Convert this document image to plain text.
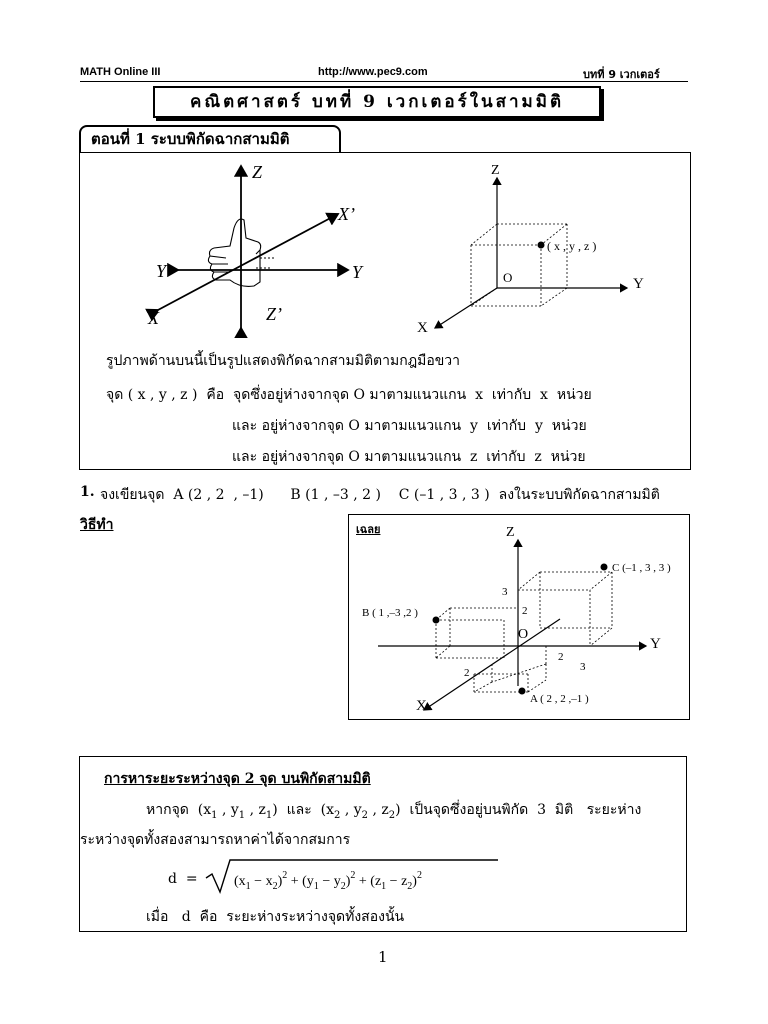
MATH Online III	http://www.pec9.com	บทที่ 9 เวกเตอร์
คณิตศาสตร์ บทที่ 9 เวกเตอร์ในสามมิติ
ตอนที่ 1 ระบบพิกัดฉากสามมิติ
Z
X’
Y’	Y
X	Z’
Z
( x , y , z )
O	Y
X
รูปภาพด้านบนนี้เป็นรูปแสดงพิกัดฉากสามมิติตามกฎมือขวา
จุด ( x , y , z )  คือ  จุดซึ่งอยู่ห่างจากจุด O มาตามแนวแกน  x  เท่ากับ  x  หน่วย
และ อยู่ห่างจากจุด O มาตามแนวแกน  y  เท่ากับ  y  หน่วย
และ อยู่ห่างจากจุด O มาตามแนวแกน  z  เท่ากับ  z  หน่วย
1. จงเขียนจุด  A (2 , 2  , –1)      B (1 , –3 , 2 )    C (–1 , 3 , 3 )  ลงในระบบพิกัดฉากสามมิติ
วิธีทำ	เฉลย	Z
Y
X
O
C (–1 , 3 , 3 )
B ( 1 ,–3 ,2 )
A ( 2 , 2 ,–1 )
3
2
2
3
2
การหาระยะระหว่างจุด 2 จุด บนพิกัดสามมิติ
หากจุด  ($x_1$ , $y_1$ , $z_1$)  และ  ($x_2$ , $y_2$ , $z_2$)  เป็นจุดซึ่งอยู่บนพิกัด  3  มิติ   ระยะห่าง
ระหว่างจุดทั้งสองสามารถหาค่าได้จากสมการ
d  =	$(x_1 - x_2)^2 + (y_1 - y_2)^2 + (z_1 - z_2)^2$
เมื่อ   d  คือ  ระยะห่างระหว่างจุดทั้งสองนั้น
1
